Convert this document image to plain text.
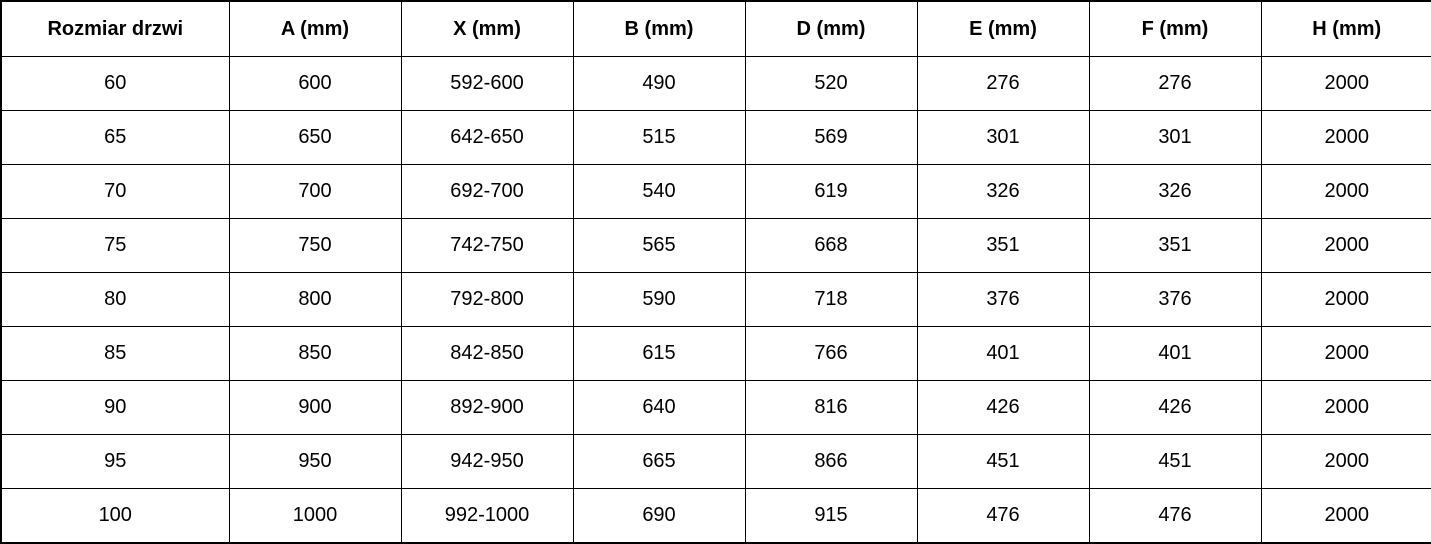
Rozmiar drzwi	A (mm)	X (mm)	B (mm)	D (mm)	E (mm)	F (mm)	H (mm)
60	600	592-600	490	520	276	276	2000
65	650	642-650	515	569	301	301	2000
70	700	692-700	540	619	326	326	2000
75	750	742-750	565	668	351	351	2000
80	800	792-800	590	718	376	376	2000
85	850	842-850	615	766	401	401	2000
90	900	892-900	640	816	426	426	2000
95	950	942-950	665	866	451	451	2000
100	1000	992-1000	690	915	476	476	2000
